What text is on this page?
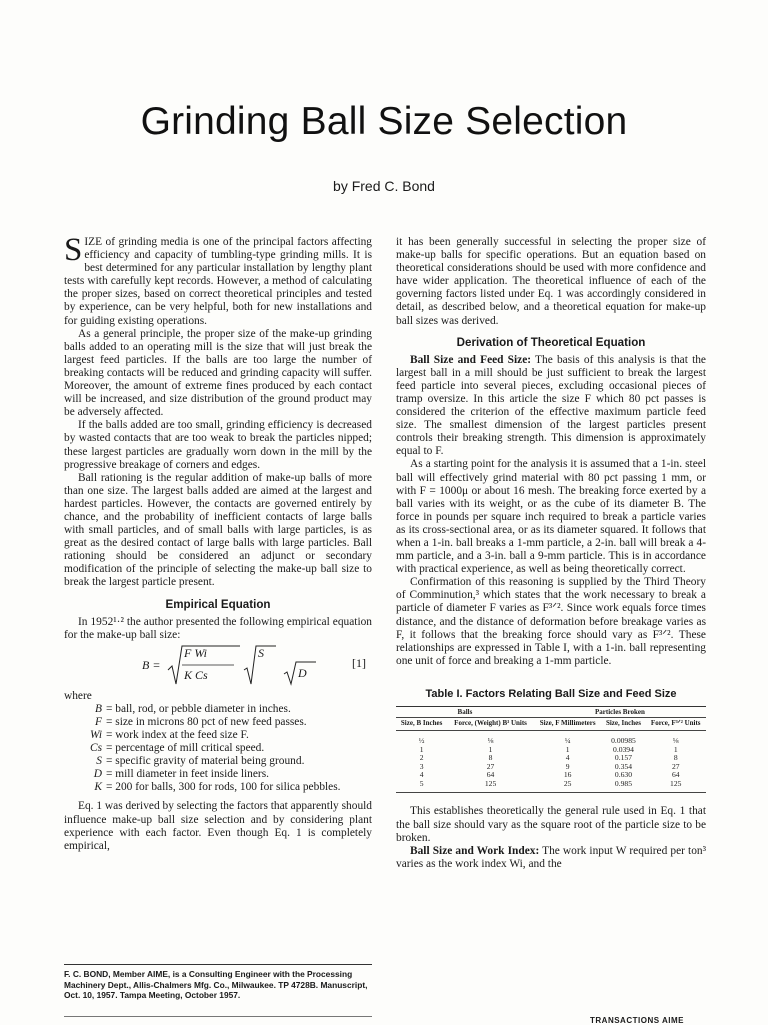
Grinding Ball Size Selection
by Fred C. Bond

SIZE of grinding media is one of the principal factors affecting efficiency and capacity of tumbling-type grinding mills. It is best determined for any particular installation by lengthy plant tests with carefully kept records. However, a method of calculating the proper sizes, based on correct theoretical principles and tested by experience, can be very helpful, both for new installations and for guiding existing operations.

As a general principle, the proper size of the make-up grinding balls added to an operating mill is the size that will just break the largest feed particles. If the balls are too large the number of breaking contacts will be reduced and grinding capacity will suffer. Moreover, the amount of extreme fines produced by each contact will be increased, and size distribution of the ground product may be adversely affected.

If the balls added are too small, grinding efficiency is decreased by wasted contacts that are too weak to break the particles nipped; these largest particles are gradually worn down in the mill by the progressive breakage of corners and edges.

Ball rationing is the regular addition of make-up balls of more than one size. The largest balls added are aimed at the largest and hardest particles. However, the contacts are governed entirely by chance, and the probability of inefficient contacts of large balls with small particles, and of small balls with large particles, is as great as the desired contact of large balls with large particles. Ball rationing should be considered an adjunct or secondary modification of the principle of selecting the make-up ball size to break the largest particle present.

Empirical Equation

In 1952¹·² the author presented the following empirical equation for the make-up ball size:

B =
F Wi
K Cs
S
D
[1]
where
B = ball, rod, or pebble diameter in inches.
F = size in microns 80 pct of new feed passes.
Wi = work index at the feed size F.
Cs = percentage of mill critical speed.
S = specific gravity of material being ground.
D = mill diameter in feet inside liners.
K = 200 for balls, 300 for rods, 100 for silica pebbles.

Eq. 1 was derived by selecting the factors that apparently should influence make-up ball size selection and by considering plant experience with each factor. Even though Eq. 1 is completely empirical,

F. C. BOND, Member AIME, is a Consulting Engineer with the Processing Machinery Dept., Allis-Chalmers Mfg. Co., Milwaukee. TP 4728B. Manuscript, Oct. 10, 1957. Tampa Meeting, October 1957.

it has been generally successful in selecting the proper size of make-up balls for specific operations. But an equation based on theoretical considerations should be used with more confidence and have wider application. The theoretical influence of each of the governing factors listed under Eq. 1 was accordingly considered in detail, as described below, and a theoretical equation for make-up ball sizes was derived.

Derivation of Theoretical Equation

Ball Size and Feed Size: The basis of this analysis is that the largest ball in a mill should be just sufficient to break the largest feed particle into several pieces, excluding occasional pieces of tramp oversize. In this article the size F which 80 pct passes is considered the criterion of the effective maximum particle feed size. The smallest dimension of the largest particles present controls their breaking strength. This dimension is approximately equal to F.

As a starting point for the analysis it is assumed that a 1-in. steel ball will effectively grind material with 80 pct passing 1 mm, or with F = 1000μ or about 16 mesh. The breaking force exerted by a ball varies with its weight, or as the cube of its diameter B. The force in pounds per square inch required to break a particle varies as its cross-sectional area, or as its diameter squared. It follows that when a 1-in. ball breaks a 1-mm particle, a 2-in. ball will break a 4-mm particle, and a 3-in. ball a 9-mm particle. This is in accordance with practical experience, as well as being theoretically correct.

Confirmation of this reasoning is supplied by the Third Theory of Comminution,³ which states that the work necessary to break a particle of diameter F varies as F³ᐟ². Since work equals force times distance, and the distance of deformation before breakage varies as F, it follows that the breaking force should vary as F³ᐟ². These relationships are expressed in Table I, with a 1-in. ball representing one unit of force and breaking a 1-mm particle.

Table I. Factors Relating Ball Size and Feed Size
Balls		Particles Broken		
Size, B Inches	Force, (Weight) B³ Units	Size, F Millimeters	Size, Inches	Force, F³ᐟ² Units
½	⅛	¼	0.00985	⅛
1	1	1	0.0394	1
2	8	4	0.157	8
3	27	9	0.354	27
4	64	16	0.630	64
5	125	25	0.985	125

This establishes theoretically the general rule used in Eq. 1 that the ball size should vary as the square root of the particle size to be broken.

Ball Size and Work Index: The work input W required per ton³ varies as the work index Wi, and the

TRANSACTIONS AIME
